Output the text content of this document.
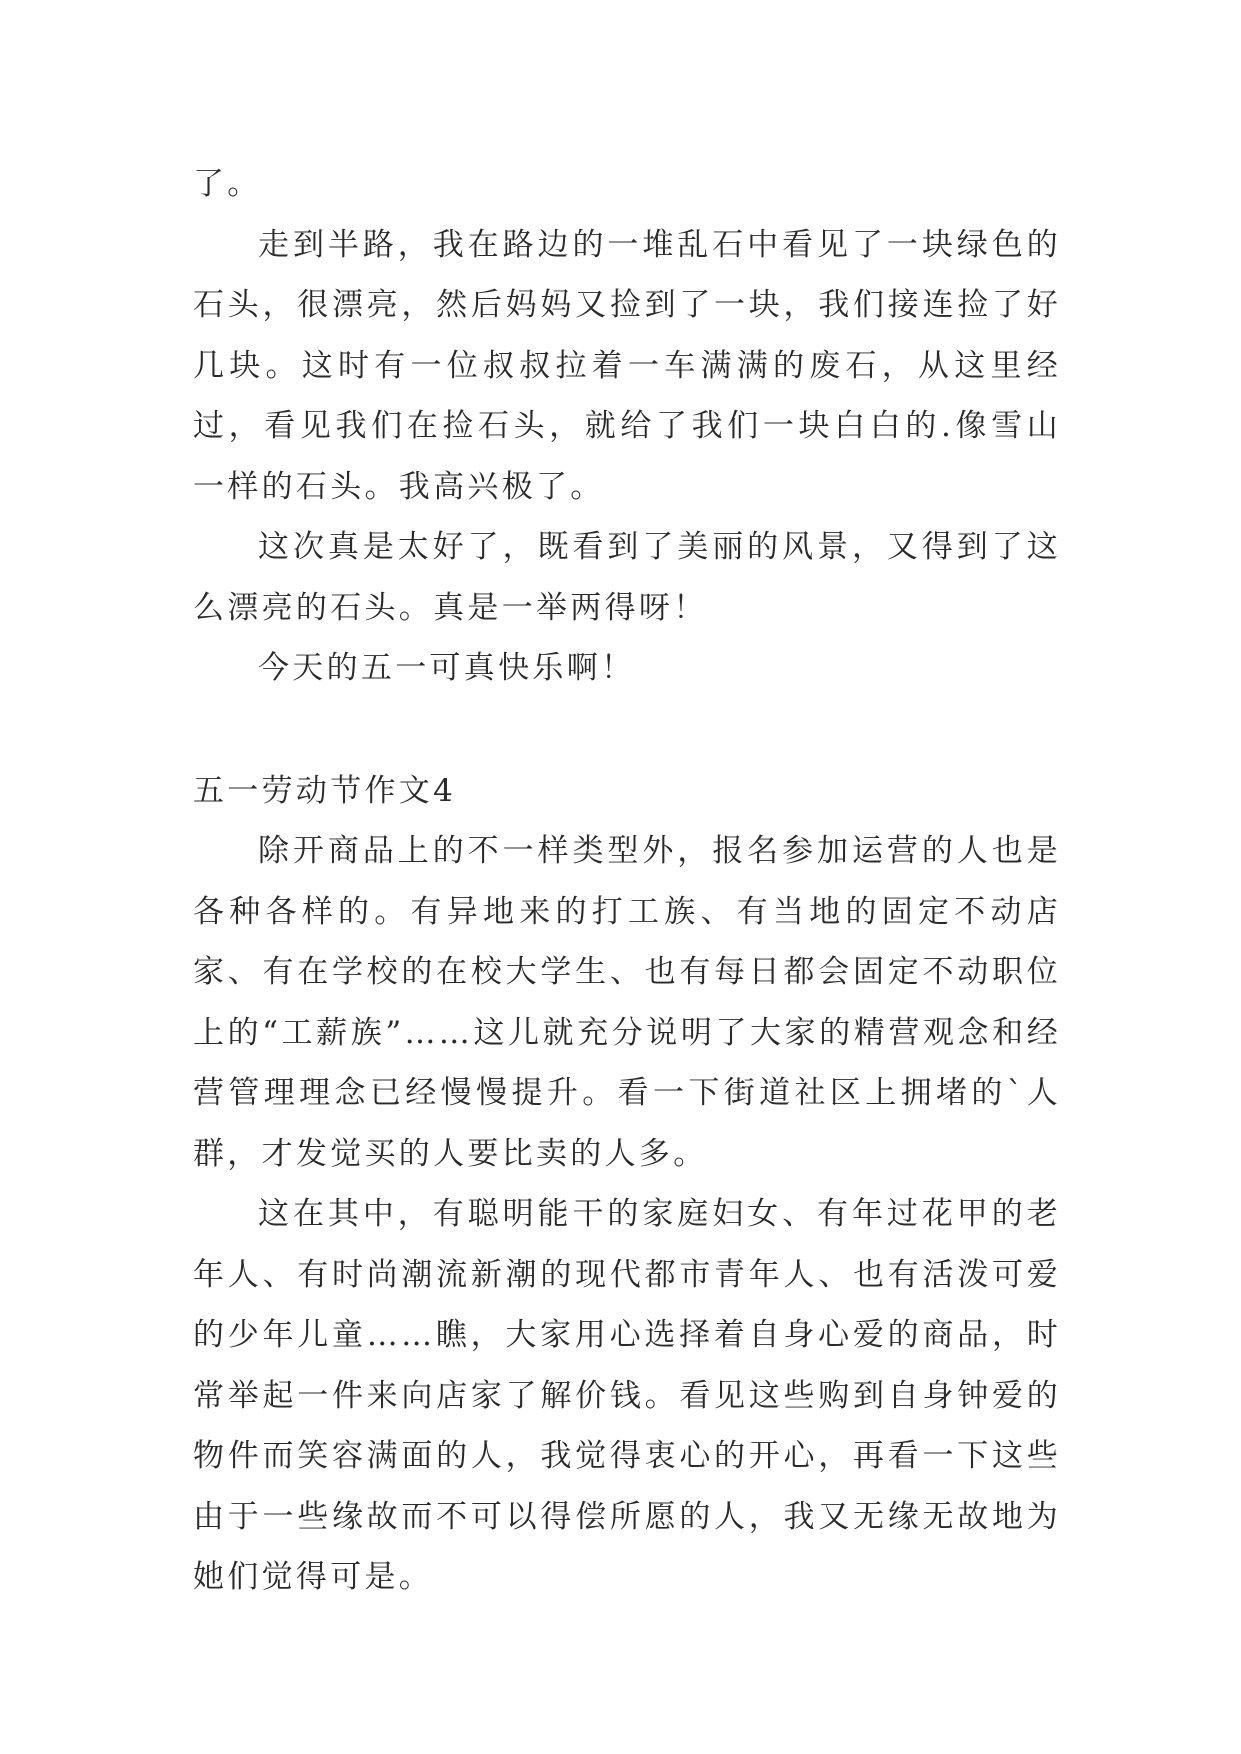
了。

走到半路，我在路边的一堆乱石中看见了一块绿色的石头，很漂亮，然后妈妈又捡到了一块，我们接连捡了好几块。这时有一位叔叔拉着一车满满的废石，从这里经过，看见我们在捡石头，就给了我们一块白白的.像雪山一样的石头。我高兴极了。

这次真是太好了，既看到了美丽的风景，又得到了这么漂亮的石头。真是一举两得呀！

今天的五一可真快乐啊！

五一劳动节作文4

除开商品上的不一样类型外，报名参加运营的人也是各种各样的。有异地来的打工族、有当地的固定不动店家、有在学校的在校大学生、也有每日都会固定不动职位上的“工薪族”……这儿就充分说明了大家的精营观念和经营管理理念已经慢慢提升。看一下街道社区上拥堵的`人群，才发觉买的人要比卖的人多。

这在其中，有聪明能干的家庭妇女、有年过花甲的老年人、有时尚潮流新潮的现代都市青年人、也有活泼可爱的少年儿童……瞧，大家用心选择着自身心爱的商品，时常举起一件来向店家了解价钱。看见这些购到自身钟爱的物件而笑容满面的人，我觉得衷心的开心，再看一下这些由于一些缘故而不可以得偿所愿的人，我又无缘无故地为她们觉得可是。
